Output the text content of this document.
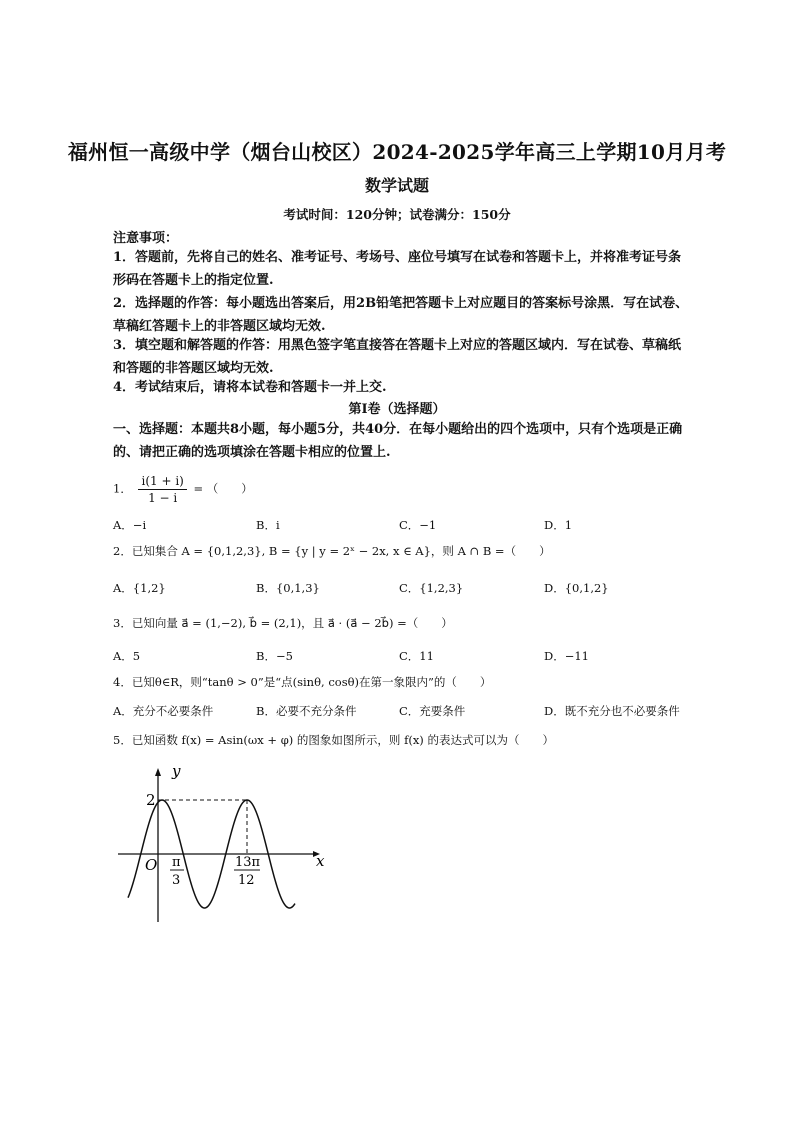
福州恒一高级中学（烟台山校区）2024-2025学年高三上学期10月月考
数学试题
考试时间：120分钟；试卷满分：150分
注意事项：
1．答题前，先将自己的姓名、准考证号、考场号、座位号填写在试卷和答题卡上，并将准考证号条形码在答题卡上的指定位置.
2．选择题的作答：每小题选出答案后，用2B铅笔把答题卡上对应题目的答案标号涂黑．写在试卷、草稿红答题卡上的非答题区域均无效.
3．填空题和解答题的作答：用黑色签字笔直接答在答题卡上对应的答题区域内．写在试卷、草稿纸和答题的非答题区域均无效.
4．考试结束后，请将本试卷和答题卡一并上交.
第Ⅰ卷（选择题）
一、选择题：本题共8小题，每小题5分，共40分．在每小题给出的四个选项中，只有个选项是正确的、请把正确的选项填涂在答题卡相应的位置上.
1． $\frac{i(1 + i)}{1 - i}$ = （　　）
A．−i	B．i	C．−1	D．1
2．已知集合 A = {0,1,2,3}, B = {y | y = 2ˣ − 2x, x ∈ A}，则 A ∩ B =（　　）
A．{1,2}	B．{0,1,3}	C．{1,2,3}	D．{0,1,2}
3．已知向量 a⃗ = (1,−2), b⃗ = (2,1)，且 a⃗ · (a⃗ − 2b⃗) =（　　）
A．5	B．−5	C．11	D．−11
4．已知θ∈R，则“tanθ > 0”是“点(sinθ, cosθ)在第一象限内”的（　　）
A．充分不必要条件	B．必要不充分条件	C．充要条件	D．既不充分也不必要条件
5．已知函数 f(x) = Asin(ωx + φ) 的图象如图所示，则 f(x) 的表达式可以为（　　）
y
x
O
2
π
3
13π
12
